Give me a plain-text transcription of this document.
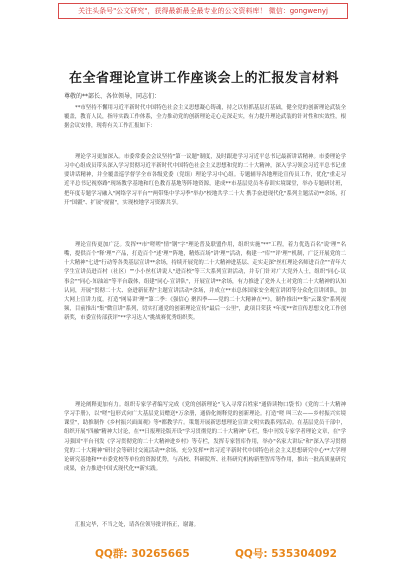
关注头条号"公文研究"，获得最新最全最专业的公文资料库！ 微信：gongwenyj
在全省理论宣讲工作座谈会上的汇报发言材料
尊敬的**部长、各位领导，同志们：

**市坚持不懈用习近平新时代中国特色社会主义思想凝心铸魂，持之以恒抓基层打基础，健全党的创新理论武装全覆盖，教育人民，指导实践工作体系，全力推动党的创新理论走心走深走实，有力提升理论武装的针对性和实效性，根据会议安排，现将有关工作汇报如下：

理论学习更加深入。市委常委会会议坚持"第一议题"制度，及时跟进学习习近平总书记最新讲话精神。市委理论学习中心组成员带头深入学习贯彻习近平新时代中国特色社会主义思想和党的二十大精神，深入学习领会习近平总书记重要讲话精神，并全覆盖巡学督学全市各级党委（党组）理论学习中心组。专题辅导各地理论宣传员工作，优化"重走习近平总书记视察路"现场教学基地和红色教育基地等阵地资源，建成**市基层党员冬春训实境课堂，举办专题研讨班，把年度专题学习融入"网络学习平台""两带集中学习季"举办"校地共学二十大 携手奋进现代化"系列主题活动**余场，打开"国疆"、扩展"视窗"，实现校地学习资源共享。

理论宣传更加广泛。发挥**市"嗟嗟"情"钢"字"理论普及联盟作用，组织实施"**"工程，着力优选百名"说'理'"名嘴，提供百个"释'理'"产品，打造百个"述'理'"阵地，精炼百场"讲'理'"活动，构建一"库""评'理'"机制，广泛开展党的二十大精神"七进"行动等各类基层宣讲**余场，持续开展党的二十大精神进基层、走实走深"丝杠理论名师进百企""青年大学生宣讲员进百村（社区）""小小丝杠讲说人"进百校"等三大系列宣讲活动，并专门针对广大党外人士，组织"同心·议事会""同心·知油站"等平台载体，组建"同心·宣讲队"，开展宣讲**余场，有力推进了党外人士对党的二十大精神的认知认同，开展"贯彻二十大、奋进新征程"主题宣讲活动*余场，并成立**市总体国家安全观宣讲团等分众化宣讲团队，加大网上宣讲力度，打造"网易讲'理'"第二季：《强信心 聚四季——党的二十大精神在**》，制作推出**集"云课堂"系列视频，目前推出"集"微宣讲"系列，切实打通党的创新理论宣传"最后一公里"，此项目荣获 *年度**省宣传思想文化工作创新奖，市委宣传部获评"**学习达人"挑战赛优秀组织奖。

理论阐释更加有力。组织专家学者编写完成《党的创新理论"飞入寻常百姓家"通俗读物口袋书》《党的二十大精神学习手册》，以"嗟"包形式向广大基层党员赠送*万余册，通俗化阐释党的创新理论。打造"嗟 叫三农——乡村振兴实境课堂"，助推制作《乡村振兴面面观》等*都教学片。策划开展新思想理论宣讲文明实践系列活动。在基层党员干部中，组织开展"四融"精神大讨论，在**日报理论版开设"学习贯彻党的二十大精神"专栏，集中刊发专家学者理论文章，在"学习强国"平台刊发《学习贯彻党的二十大精神进乡村》等专栏，发挥专家智库作用，举办"名家大讲坛"和"深入学习贯彻党的二十大精神"研讨会等研讨交流活动**余场。充分发挥**省习近平新时代中国特色社会主义思想研究中心**大学理论研究基地和**市委党校等单位的资源优势，与高校、科研院所、社科研究机构新型智库等作用，推出一批高质量研究成果，奋力推进中国式现代化**新实践。

汇报完毕，不当之处，请各位领导批评指正，谢谢。

QQ群: 30265665	QQ号: 535304092
